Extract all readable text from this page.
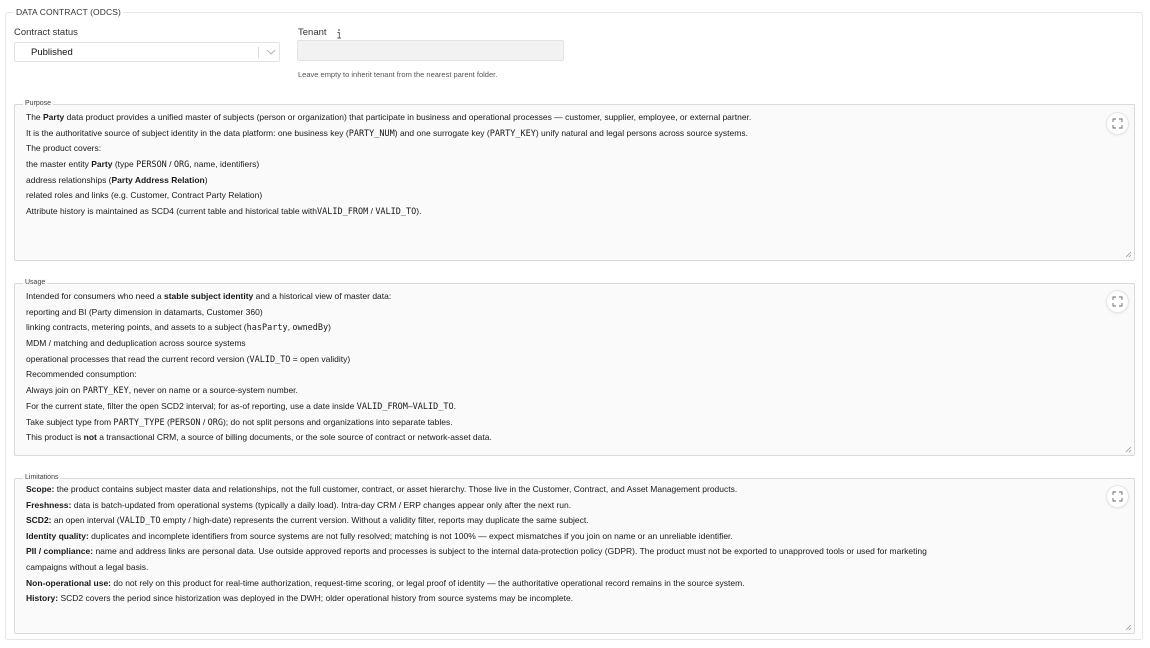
DATA CONTRACT (ODCS)
Contract status
Published
Tenant
Leave empty to inherit tenant from the nearest parent folder.
Purpose
The Party data product provides a unified master of subjects (person or organization) that participate in business and operational processes — customer, supplier, employee, or external partner.
It is the authoritative source of subject identity in the data platform: one business key (PARTY_NUM) and one surrogate key (PARTY_KEY) unify natural and legal persons across source systems.
The product covers:
the master entity Party (type PERSON / ORG, name, identifiers)
address relationships (Party Address Relation)
related roles and links (e.g. Customer, Contract Party Relation)
Attribute history is maintained as SCD4 (current table and historical table withVALID_FROM / VALID_TO).
Usage
Intended for consumers who need a stable subject identity and a historical view of master data:
reporting and BI (Party dimension in datamarts, Customer 360)
linking contracts, metering points, and assets to a subject (hasParty, ownedBy)
MDM / matching and deduplication across source systems
operational processes that read the current record version (VALID_TO = open validity)
Recommended consumption:
Always join on PARTY_KEY, never on name or a source-system number.
For the current state, filter the open SCD2 interval; for as-of reporting, use a date inside VALID_FROM–VALID_TO.
Take subject type from PARTY_TYPE (PERSON / ORG); do not split persons and organizations into separate tables.
This product is not a transactional CRM, a source of billing documents, or the sole source of contract or network-asset data.
Limitations
Scope: the product contains subject master data and relationships, not the full customer, contract, or asset hierarchy. Those live in the Customer, Contract, and Asset Management products.
Freshness: data is batch-updated from operational systems (typically a daily load). Intra-day CRM / ERP changes appear only after the next run.
SCD2: an open interval (VALID_TO empty / high-date) represents the current version. Without a validity filter, reports may duplicate the same subject.
Identity quality: duplicates and incomplete identifiers from source systems are not fully resolved; matching is not 100% — expect mismatches if you join on name or an unreliable identifier.
PII / compliance: name and address links are personal data. Use outside approved reports and processes is subject to the internal data-protection policy (GDPR). The product must not be exported to unapproved tools or used for marketing
campaigns without a legal basis.
Non-operational use: do not rely on this product for real-time authorization, request-time scoring, or legal proof of identity — the authoritative operational record remains in the source system.
History: SCD2 covers the period since historization was deployed in the DWH; older operational history from source systems may be incomplete.
